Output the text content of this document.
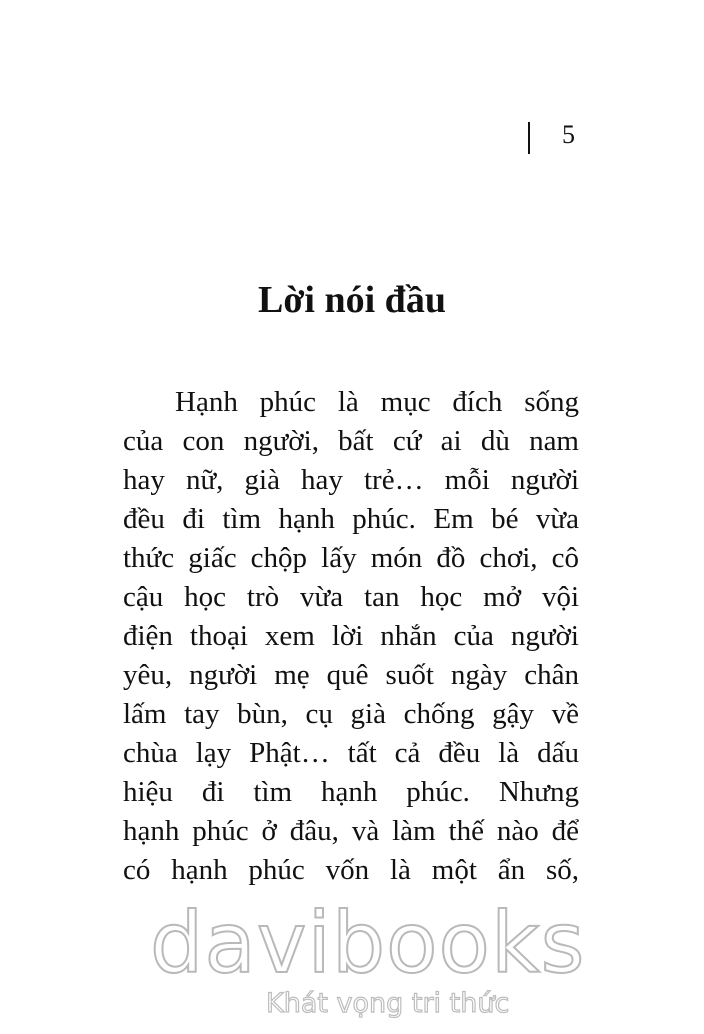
5
Lời nói đầu
Hạnh phúc là mục đích sống
của con người, bất cứ ai dù nam
hay nữ, già hay trẻ… mỗi người
đều đi tìm hạnh phúc. Em bé vừa
thức giấc chộp lấy món đồ chơi, cô
cậu học trò vừa tan học mở vội
điện thoại xem lời nhắn của người
yêu, người mẹ quê suốt ngày chân
lấm tay bùn, cụ già chống gậy về
chùa lạy Phật… tất cả đều là dấu
hiệu đi tìm hạnh phúc. Nhưng
hạnh phúc ở đâu, và làm thế nào để
có hạnh phúc vốn là một ẩn số,
davibooks
Khát vọng tri thức
